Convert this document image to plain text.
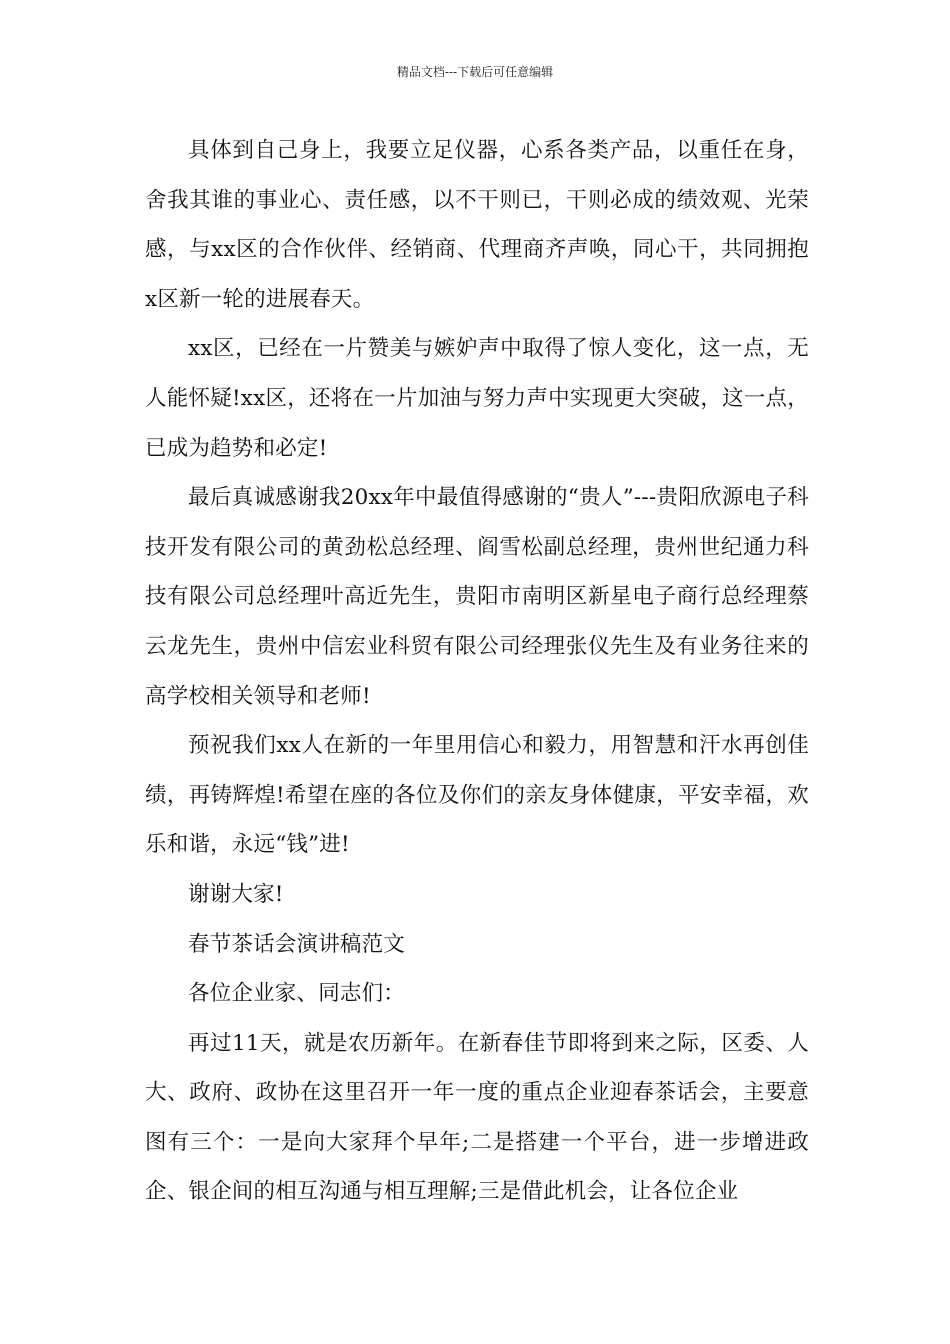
精品文档---下载后可任意编辑

具体到自己身上，我要立足仪器，心系各类产品，以重任在身，舍我其谁的事业心、责任感，以不干则已，干则必成的绩效观、光荣感，与xx区的合作伙伴、经销商、代理商齐声唤，同心干，共同拥抱x区新一轮的进展春天。

xx区，已经在一片赞美与嫉妒声中取得了惊人变化，这一点，无人能怀疑!xx区，还将在一片加油与努力声中实现更大突破，这一点，已成为趋势和必定!

最后真诚感谢我20xx年中最值得感谢的“贵人”---贵阳欣源电子科技开发有限公司的黄劲松总经理、阎雪松副总经理，贵州世纪通力科技有限公司总经理叶高近先生，贵阳市南明区新星电子商行总经理蔡云龙先生，贵州中信宏业科贸有限公司经理张仪先生及有业务往来的高学校相关领导和老师!

预祝我们xx人在新的一年里用信心和毅力，用智慧和汗水再创佳绩，再铸辉煌!希望在座的各位及你们的亲友身体健康，平安幸福，欢乐和谐，永远“钱”进!

谢谢大家!

春节茶话会演讲稿范文

各位企业家、同志们：

再过11天，就是农历新年。在新春佳节即将到来之际，区委、人大、政府、政协在这里召开一年一度的重点企业迎春茶话会，主要意图有三个：一是向大家拜个早年;二是搭建一个平台，进一步增进政企、银企间的相互沟通与相互理解;三是借此机会，让各位企业
